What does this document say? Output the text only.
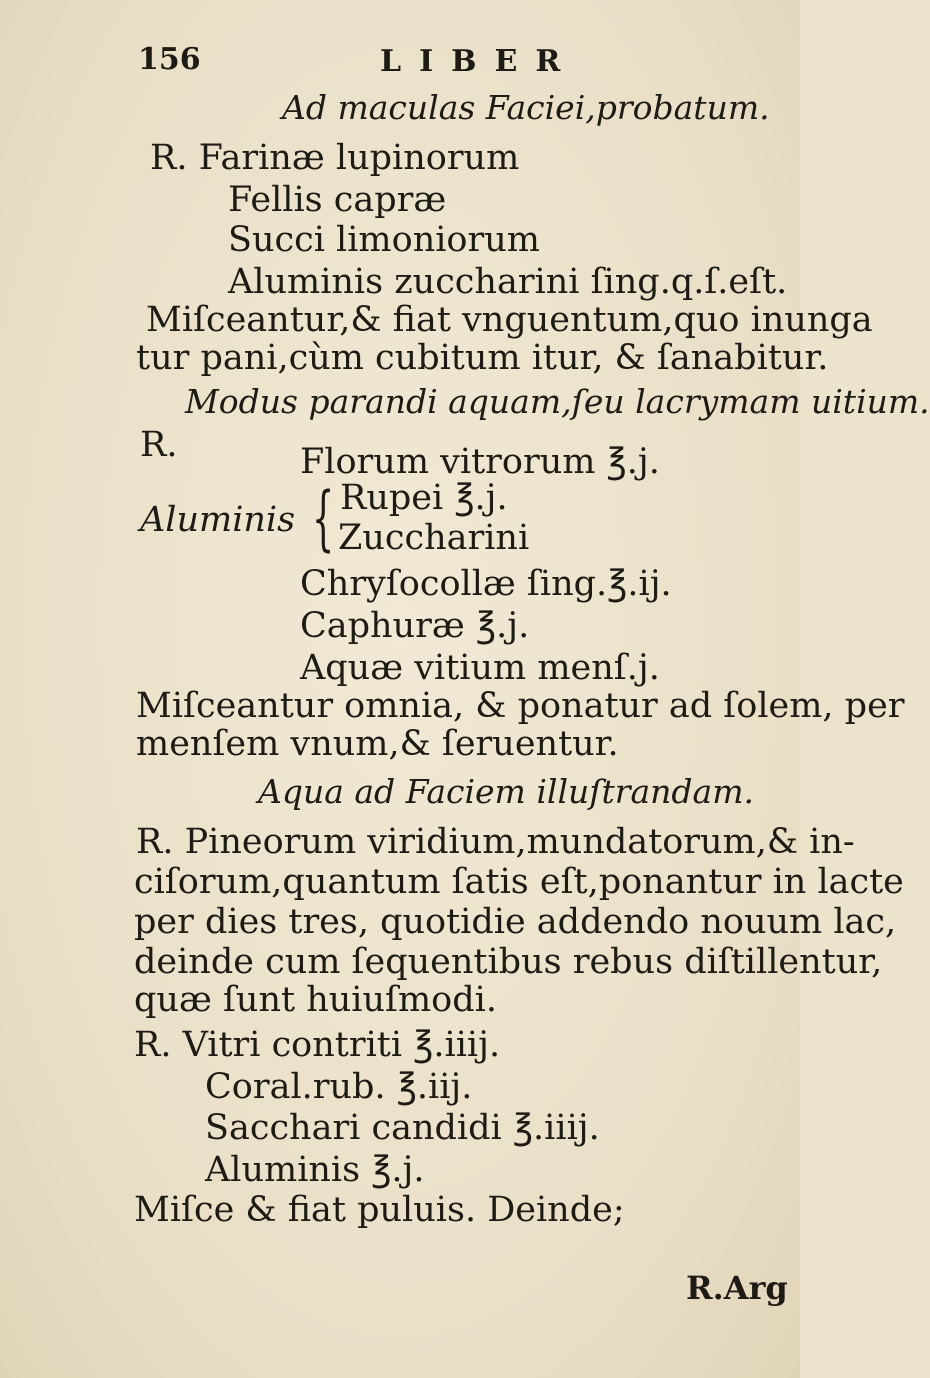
156	LIBER
Ad maculas Faciei,probatum.
R. Farinæ lupinorum
Fellis capræ
Succi limoniorum
Aluminis zuccharini ſing.q.ſ.eſt.
Miſceantur,& fiat vnguentum,quo inunga
tur pani,cùm cubitum itur, & ſanabitur.
Modus parandi aquam,ſeu lacrymam uitium.
R.	Florum vitrorum ℥.j.
Aluminis { Rupei ℥.j.
Zuccharini
Chryſocollæ ſing.℥.ij.
Caphuræ ℥.j.
Aquæ vitium menſ.j.
Miſceantur omnia, & ponatur ad ſolem, per
menſem vnum,& ſeruentur.
Aqua ad Faciem illuſtrandam.
R. Pineorum viridium,mundatorum,& in-
ciſorum,quantum ſatis eſt,ponantur in lacte
per dies tres, quotidie addendo nouum lac,
deinde cum ſequentibus rebus diſtillentur,
quæ ſunt huiuſmodi.
R. Vitri contriti ℥.iiij.
Coral.rub. ℥.iij.
Sacchari candidi ℥.iiij.
Aluminis ℥.j.
Miſce & fiat puluis. Deinde;
R.Arg
